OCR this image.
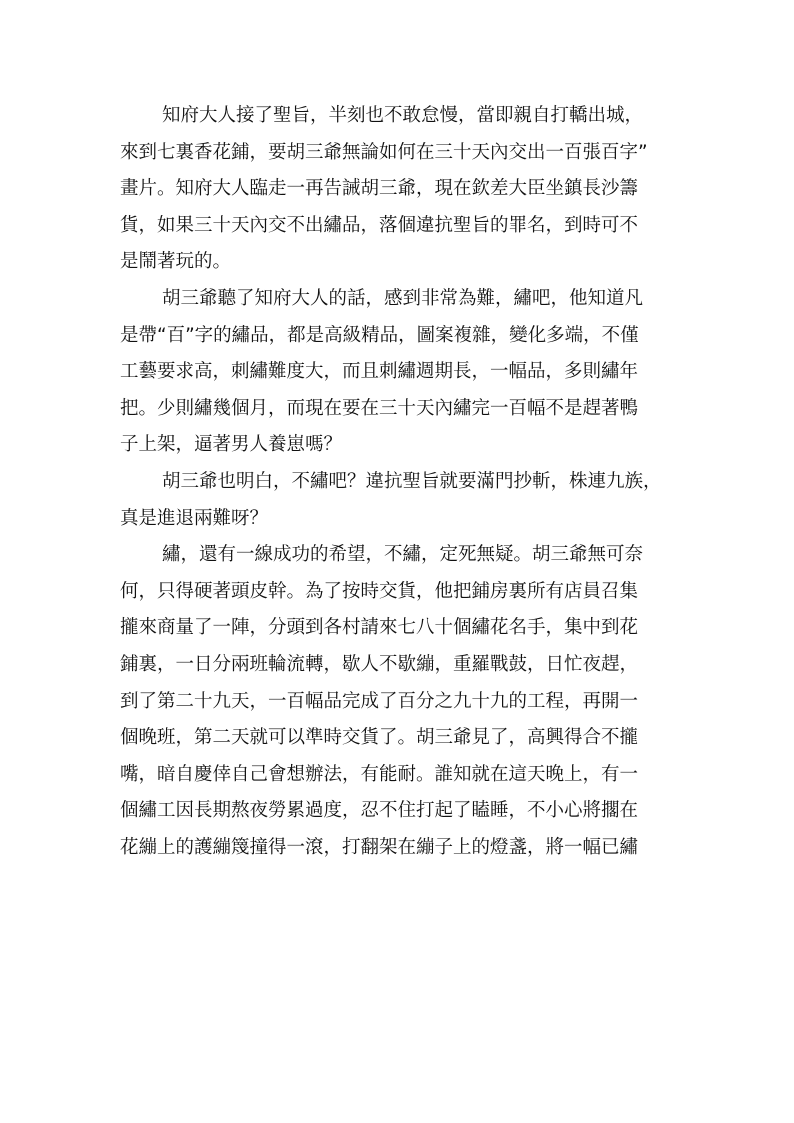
知府大人接了聖旨，半刻也不敢怠慢，當即親自打轎出城，
來到七裏香花鋪，要胡三爺無論如何在三十天內交出一百張百字”
畫片。知府大人臨走一再告誡胡三爺，現在欽差大臣坐鎮長沙籌
貨，如果三十天內交不出繡品，落個違抗聖旨的罪名，到時可不
是鬧著玩的。
胡三爺聽了知府大人的話，感到非常為難，繡吧，他知道凡
是帶“百”字的繡品，都是高級精品，圖案複雜，變化多端，不僅
工藝要求高，刺繡難度大，而且刺繡週期長，一幅品，多則繡年
把。少則繡幾個月，而現在要在三十天內繡完一百幅不是趕著鴨
子上架，逼著男人養崽嗎？
胡三爺也明白，不繡吧？違抗聖旨就要滿門抄斬，株連九族，
真是進退兩難呀？
繡，還有一線成功的希望，不繡，定死無疑。胡三爺無可奈
何，只得硬著頭皮幹。為了按時交貨，他把鋪房裏所有店員召集
攏來商量了一陣，分頭到各村請來七八十個繡花名手，集中到花
鋪裏，一日分兩班輪流轉，歇人不歇繃，重羅戰鼓，日忙夜趕，
到了第二十九天，一百幅品完成了百分之九十九的工程，再開一
個晚班，第二天就可以準時交貨了。胡三爺見了，高興得合不攏
嘴，暗自慶倖自己會想辦法，有能耐。誰知就在這天晚上，有一
個繡工因長期熬夜勞累過度，忍不住打起了瞌睡，不小心將擱在
花繃上的護繃篾撞得一滾，打翻架在繃子上的燈盞，將一幅已繡
